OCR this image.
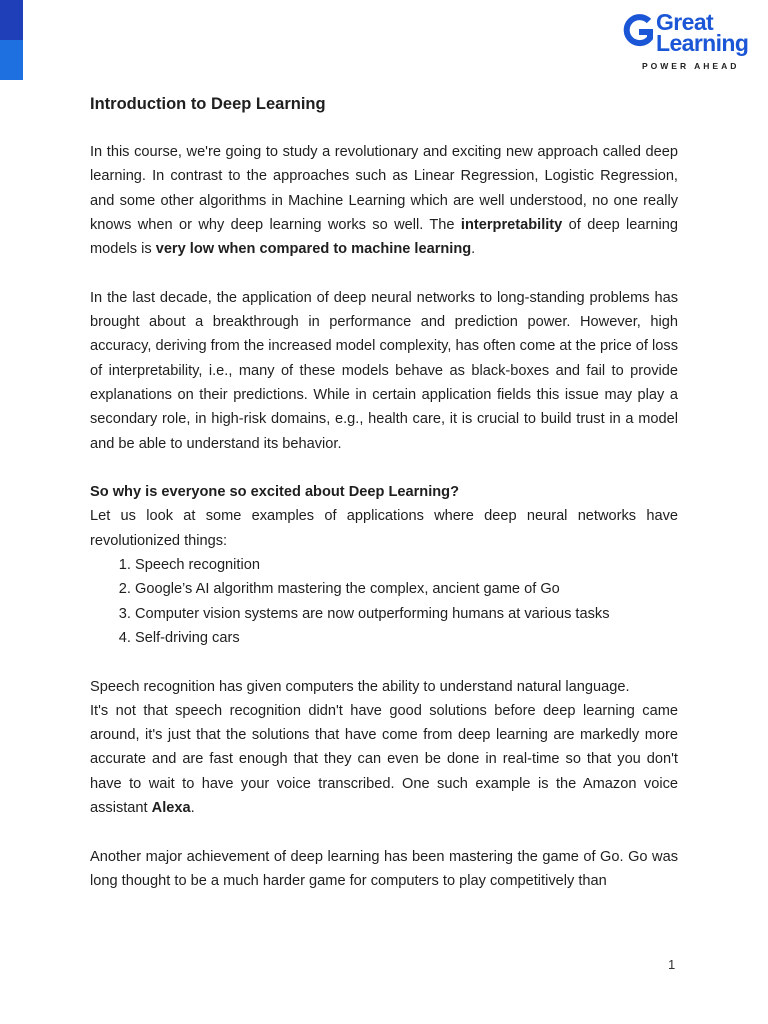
Great
Learning
POWER AHEAD
Introduction to Deep Learning

In this course, we're going to study a revolutionary and exciting new approach called deep learning. In contrast to the approaches such as Linear Regression, Logistic Regression, and some other algorithms in Machine Learning which are well understood, no one really knows when or why deep learning works so well. The interpretability of deep learning models is very low when compared to machine learning.

In the last decade, the application of deep neural networks to long-standing problems has brought about a breakthrough in performance and prediction power. However, high accuracy, deriving from the increased model complexity, has often come at the price of loss of interpretability, i.e., many of these models behave as black-boxes and fail to provide explanations on their predictions. While in certain application fields this issue may play a secondary role, in high-risk domains, e.g., health care, it is crucial to build trust in a model and be able to understand its behavior.

So why is everyone so excited about Deep Learning?

Let us look at some examples of applications where deep neural networks have revolutionized things:

1. Speech recognition
2. Google’s AI algorithm mastering the complex, ancient game of Go
3. Computer vision systems are now outperforming humans at various tasks
4. Self-driving cars

Speech recognition has given computers the ability to understand natural language.

It's not that speech recognition didn't have good solutions before deep learning came around, it's just that the solutions that have come from deep learning are markedly more accurate and are fast enough that they can even be done in real-time so that you don't have to wait to have your voice transcribed. One such example is the Amazon voice assistant Alexa.

Another major achievement of deep learning has been mastering the game of Go. Go was long thought to be a much harder game for computers to play competitively than

1
